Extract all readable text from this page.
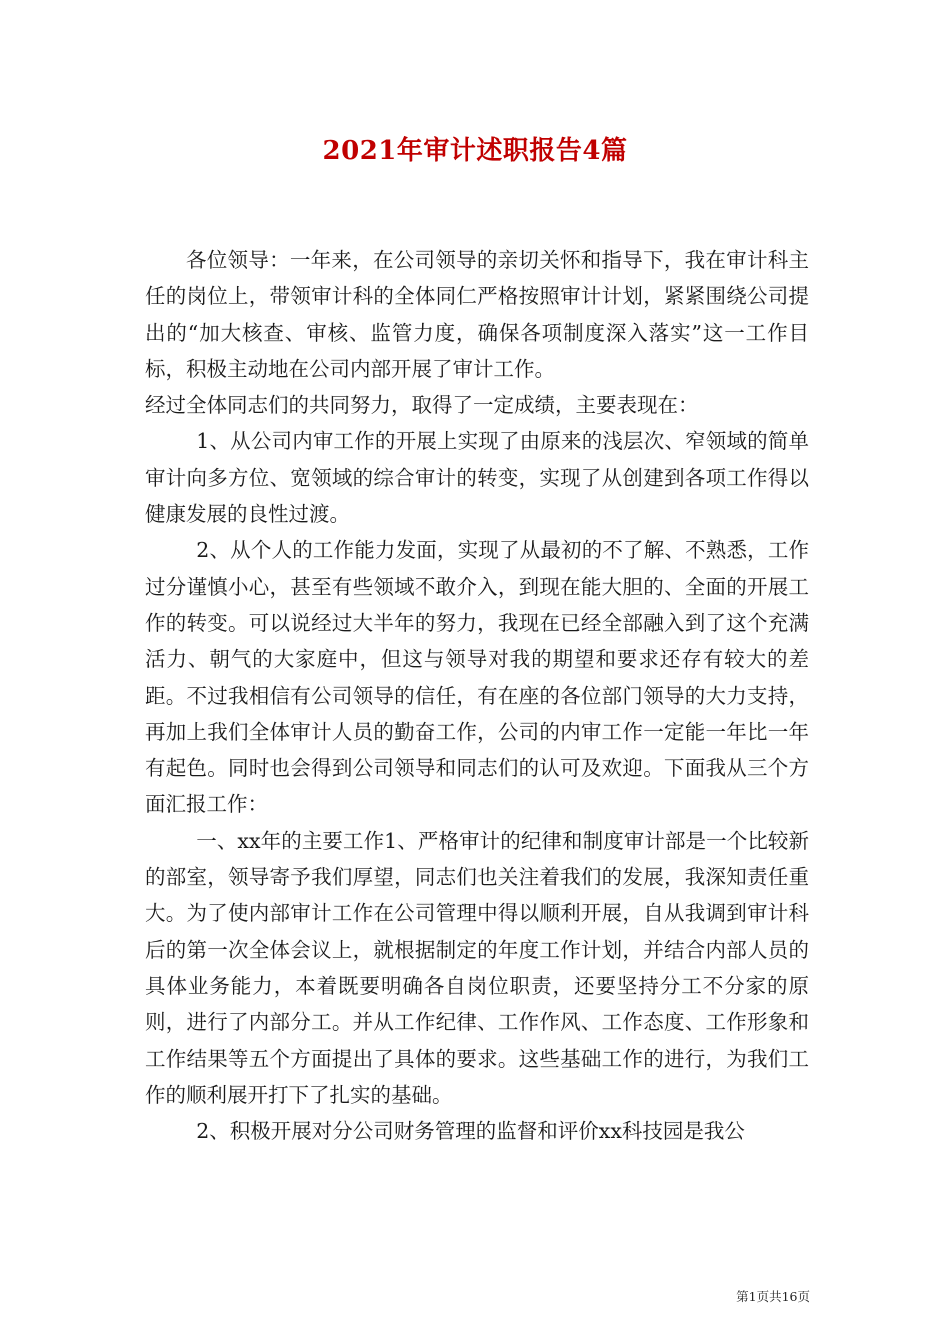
2021年审计述职报告4篇

各位领导：一年来，在公司领导的亲切关怀和指导下，我在审计科主任的岗位上，带领审计科的全体同仁严格按照审计计划，紧紧围绕公司提出的“加大核查、审核、监管力度，确保各项制度深入落实”这一工作目标，积极主动地在公司内部开展了审计工作。

经过全体同志们的共同努力，取得了一定成绩，主要表现在：

1、从公司内审工作的开展上实现了由原来的浅层次、窄领域的简单审计向多方位、宽领域的综合审计的转变，实现了从创建到各项工作得以健康发展的良性过渡。

2、从个人的工作能力发面，实现了从最初的不了解、不熟悉，工作过分谨慎小心，甚至有些领域不敢介入，到现在能大胆的、全面的开展工作的转变。可以说经过大半年的努力，我现在已经全部融入到了这个充满活力、朝气的大家庭中，但这与领导对我的期望和要求还存有较大的差距。不过我相信有公司领导的信任，有在座的各位部门领导的大力支持，再加上我们全体审计人员的勤奋工作，公司的内审工作一定能一年比一年有起色。同时也会得到公司领导和同志们的认可及欢迎。下面我从三个方面汇报工作：

一、xx年的主要工作1、严格审计的纪律和制度审计部是一个比较新的部室，领导寄予我们厚望，同志们也关注着我们的发展，我深知责任重大。为了使内部审计工作在公司管理中得以顺利开展，自从我调到审计科后的第一次全体会议上，就根据制定的年度工作计划，并结合内部人员的具体业务能力，本着既要明确各自岗位职责，还要坚持分工不分家的原则，进行了内部分工。并从工作纪律、工作作风、工作态度、工作形象和工作结果等五个方面提出了具体的要求。这些基础工作的进行，为我们工作的顺利展开打下了扎实的基础。

2、积极开展对分公司财务管理的监督和评价xx科技园是我公

第1页共16页
